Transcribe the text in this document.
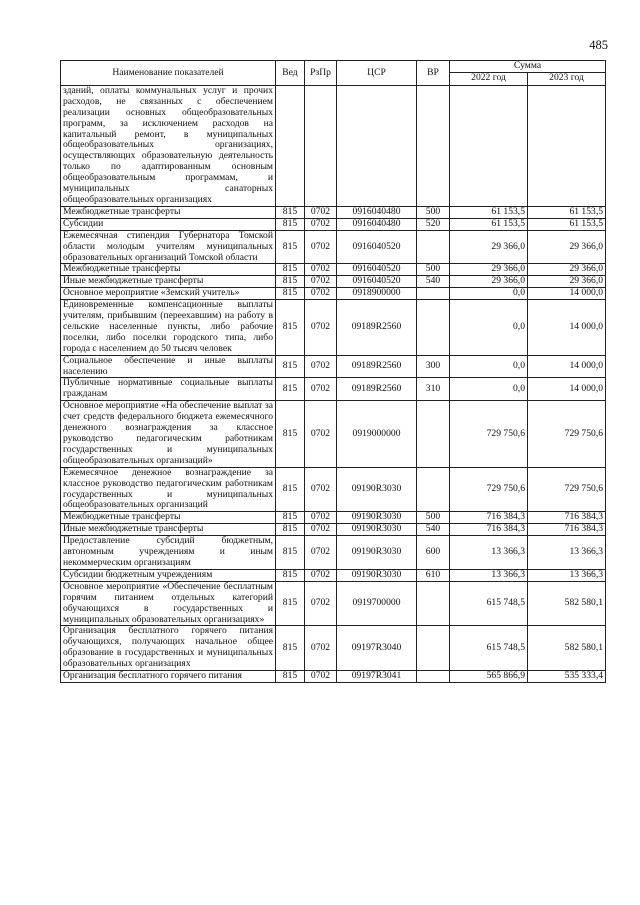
485
Наименование показателей	Вед	РзПр	ЦСР	ВР	Сумма	
					2022 год	2023 год
зданий, оплаты коммунальных услуг и прочих расходов, не связанных с обеспечением реализации основных общеобразовательных программ, за исключением расходов на капитальный ремонт, в муниципальных общеобразовательных организациях, осуществляющих образовательную деятельность только по адаптированным основным общеобразовательным программам, и муниципальных санаторных общеобразовательных организациях						
Межбюджетные трансферты	815	0702	0916040480	500	61 153,5	61 153,5
Субсидии	815	0702	0916040480	520	61 153,5	61 153,5
Ежемесячная стипендия Губернатора Томской области молодым учителям муниципальных образовательных организаций Томской области	815	0702	0916040520		29 366,0	29 366,0
Межбюджетные трансферты	815	0702	0916040520	500	29 366,0	29 366,0
Иные межбюджетные трансферты	815	0702	0916040520	540	29 366,0	29 366,0
Основное мероприятие «Земский учитель»	815	0702	0918900000		0,0	14 000,0
Единовременные компенсационные выплаты учителям, прибывшим (переехавшим) на работу в сельские населенные пункты, либо рабочие поселки, либо поселки городского типа, либо города с населением до 50 тысяч человек	815	0702	09189R2560		0,0	14 000,0
Социальное обеспечение и иные выплаты населению	815	0702	09189R2560	300	0,0	14 000,0
Публичные нормативные социальные выплаты гражданам	815	0702	09189R2560	310	0,0	14 000,0
Основное мероприятие «На обеспечение выплат за счет средств федерального бюджета ежемесячного денежного вознаграждения за классное руководство педагогическим работникам государственных и муниципальных общеобразовательных организаций»	815	0702	0919000000		729 750,6	729 750,6
Ежемесячное денежное вознаграждение за классное руководство педагогическим работникам государственных и муниципальных общеобразовательных организаций	815	0702	09190R3030		729 750,6	729 750,6
Межбюджетные трансферты	815	0702	09190R3030	500	716 384,3	716 384,3
Иные межбюджетные трансферты	815	0702	09190R3030	540	716 384,3	716 384,3
Предоставление субсидий бюджетным, автономным учреждениям и иным некоммерческим организациям	815	0702	09190R3030	600	13 366,3	13 366,3
Субсидии бюджетным учреждениям	815	0702	09190R3030	610	13 366,3	13 366,3
Основное мероприятие «Обеспечение бесплатным горячим питанием отдельных категорий обучающихся в государственных и муниципальных образовательных организациях»	815	0702	0919700000		615 748,5	582 580,1
Организация бесплатного горячего питания обучающихся, получающих начальное общее образование в государственных и муниципальных образовательных организациях	815	0702	09197R3040		615 748,5	582 580,1
Организация бесплатного горячего питания	815	0702	09197R3041		565 866,9	535 333,4
